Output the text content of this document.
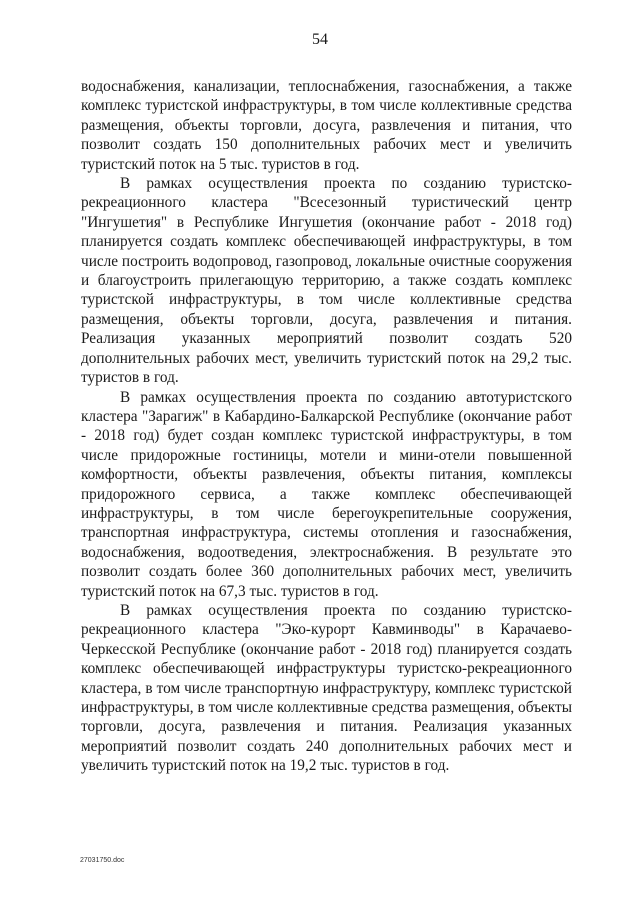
54

водоснабжения, канализации, теплоснабжения, газоснабжения, а также комплекс туристской инфраструктуры, в том числе коллективные средства размещения, объекты торговли, досуга, развлечения и питания, что позволит создать 150 дополнительных рабочих мест и увеличить туристский поток на 5 тыс. туристов в год.

В рамках осуществления проекта по созданию туристско-рекреационного кластера "Всесезонный туристический центр "Ингушетия" в Республике Ингушетия (окончание работ - 2018 год) планируется создать комплекс обеспечивающей инфраструктуры, в том числе построить водопровод, газопровод, локальные очистные сооружения и благоустроить прилегающую территорию, а также создать комплекс туристской инфраструктуры, в том числе коллективные средства размещения, объекты торговли, досуга, развлечения и питания. Реализация указанных мероприятий позволит создать 520 дополнительных рабочих мест, увеличить туристский поток на 29,2 тыс. туристов в год.

В рамках осуществления проекта по созданию автотуристского кластера "Зарагиж" в Кабардино-Балкарской Республике (окончание работ - 2018 год) будет создан комплекс туристской инфраструктуры, в том числе придорожные гостиницы, мотели и мини-отели повышенной комфортности, объекты развлечения, объекты питания, комплексы придорожного сервиса, а также комплекс обеспечивающей инфраструктуры, в том числе берегоукрепительные сооружения, транспортная инфраструктура, системы отопления и газоснабжения, водоснабжения, водоотведения, электроснабжения. В результате это позволит создать более 360 дополнительных рабочих мест, увеличить туристский поток на 67,3 тыс. туристов в год.

В рамках осуществления проекта по созданию туристско-рекреационного кластера "Эко-курорт Кавминводы" в Карачаево-Черкесской Республике (окончание работ - 2018 год) планируется создать комплекс обеспечивающей инфраструктуры туристско-рекреационного кластера, в том числе транспортную инфраструктуру, комплекс туристской инфраструктуры, в том числе коллективные средства размещения, объекты торговли, досуга, развлечения и питания. Реализация указанных мероприятий позволит создать 240 дополнительных рабочих мест и увеличить туристский поток на 19,2 тыс. туристов в год.

27031750.doc
